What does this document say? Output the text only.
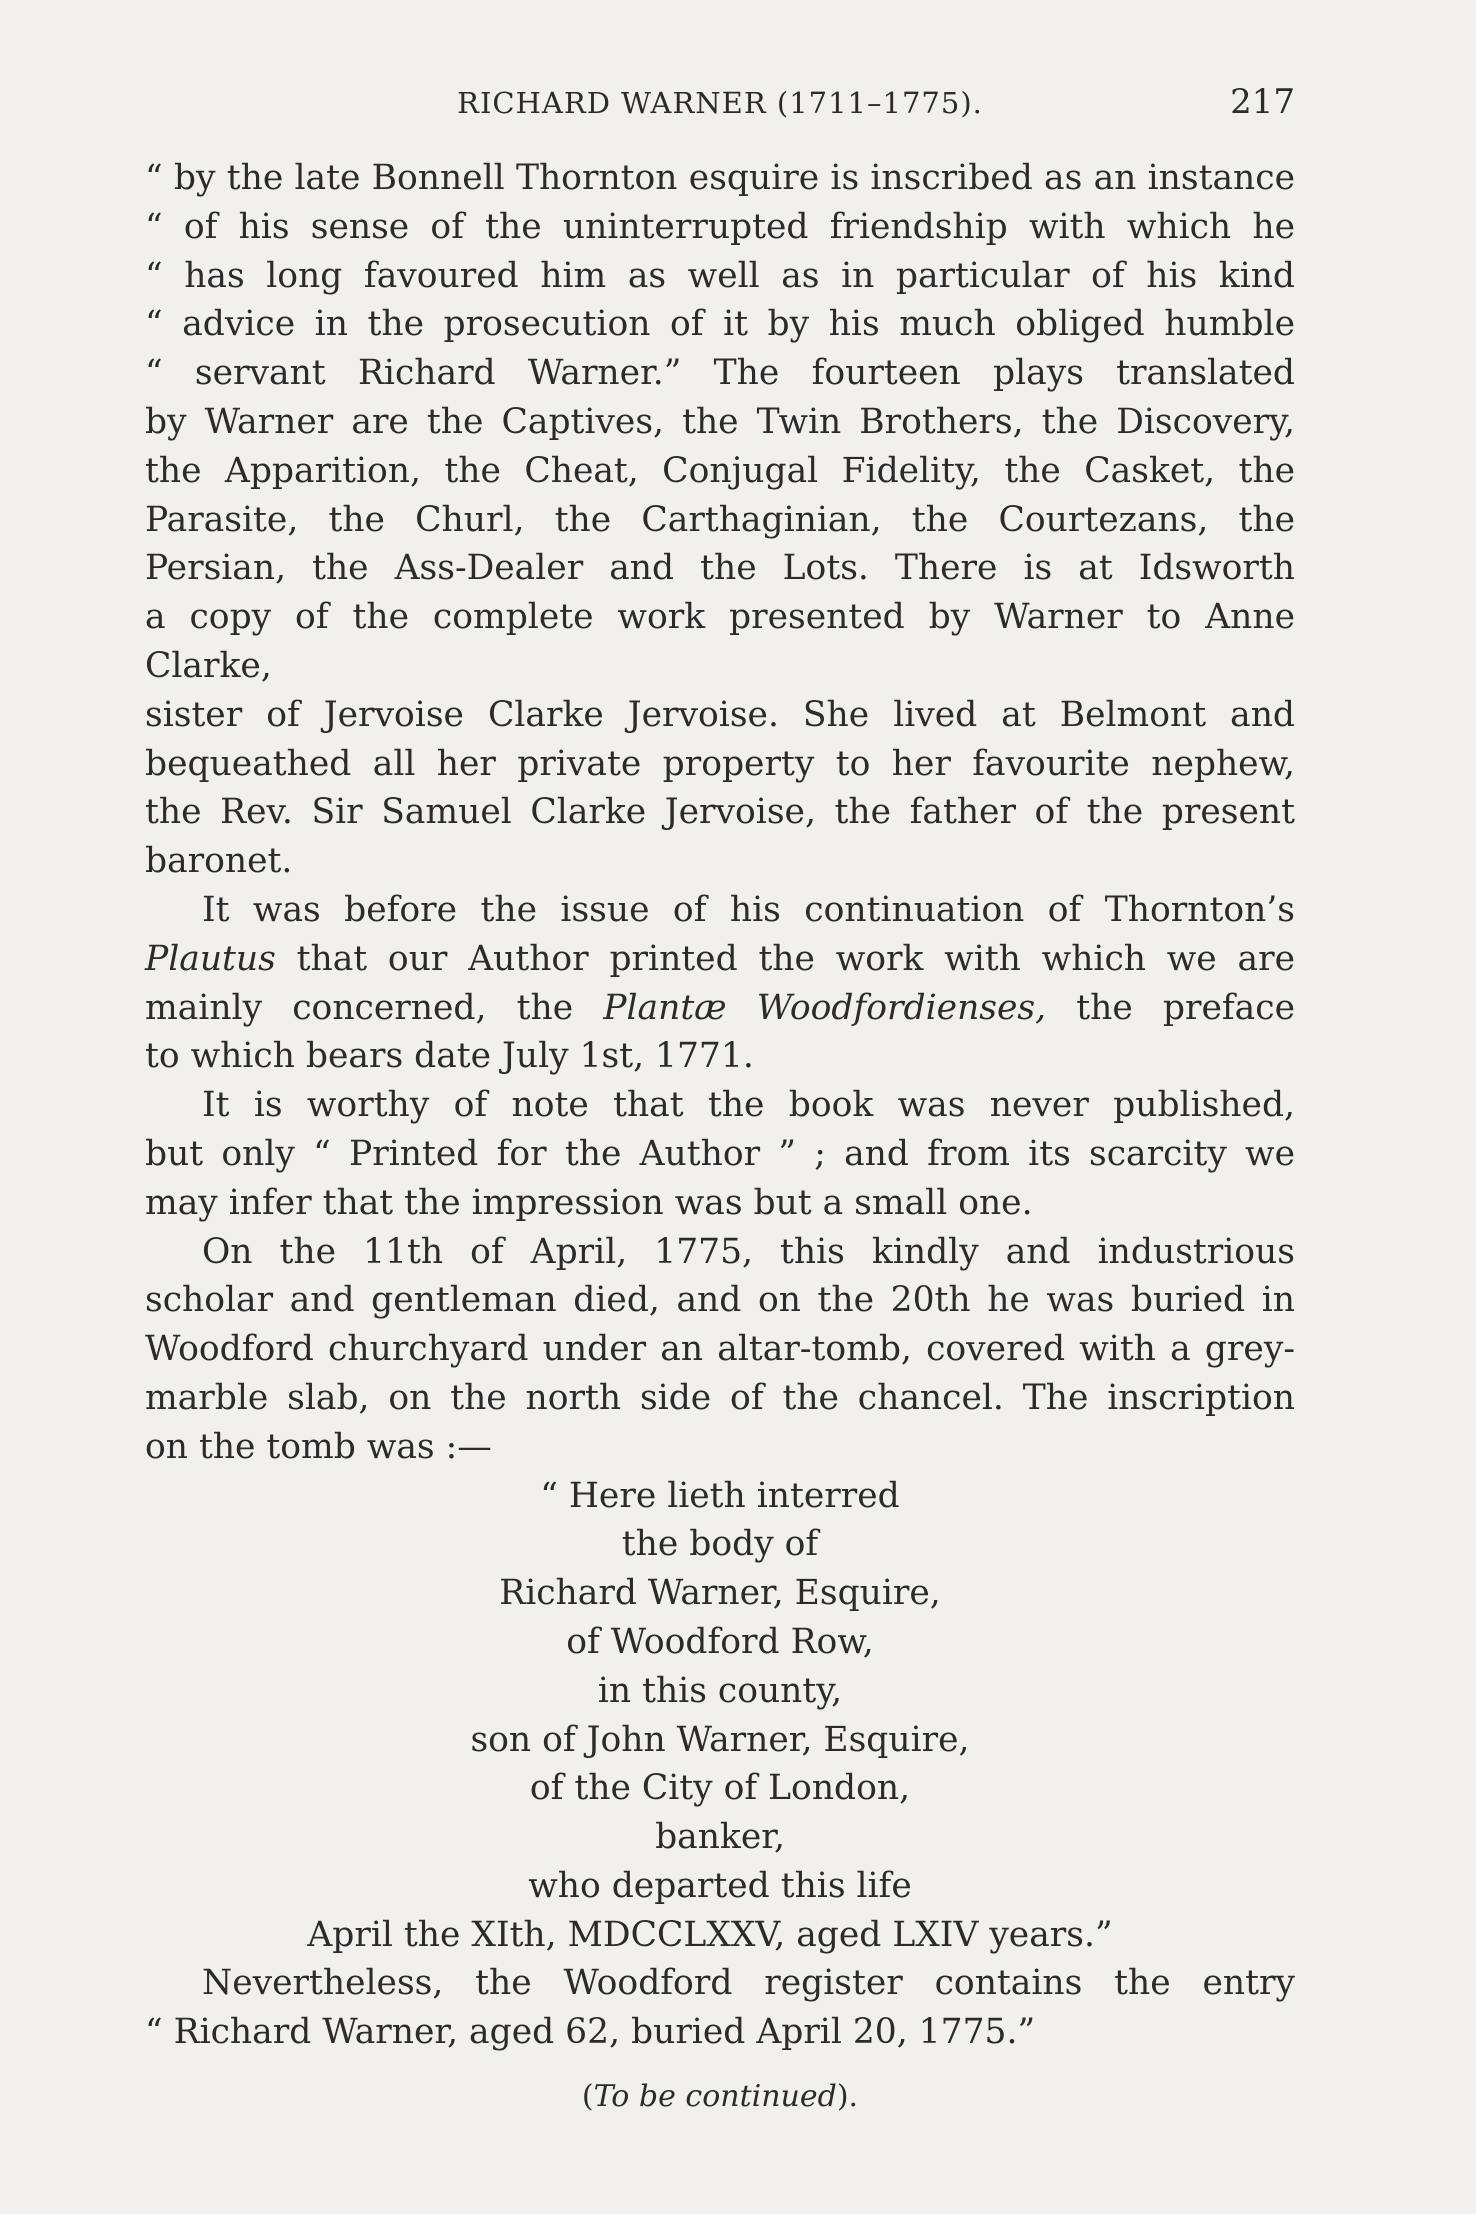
RICHARD WARNER (1711–1775).	217

“ by the late Bonnell Thornton esquire is inscribed as an instance
“ of his sense of the uninterrupted friendship with which he
“ has long favoured him as well as in particular of his kind
“ advice in the prosecution of it by his much obliged humble
“ servant Richard Warner.” The fourteen plays translated
by Warner are the Captives, the Twin Brothers, the Discovery,
the Apparition, the Cheat, Conjugal Fidelity, the Casket, the
Parasite, the Churl, the Carthaginian, the Courtezans, the
Persian, the Ass-Dealer and the Lots. There is at Idsworth
a copy of the complete work presented by Warner to Anne Clarke,
sister of Jervoise Clarke Jervoise. She lived at Belmont and
bequeathed all her private property to her favourite nephew,
the Rev. Sir Samuel Clarke Jervoise, the father of the present
baronet.

It was before the issue of his continuation of Thornton’s
Plautus that our Author printed the work with which we are
mainly concerned, the Plantæ Woodfordienses, the preface
to which bears date July 1st, 1771.

It is worthy of note that the book was never published,
but only “ Printed for the Author ” ; and from its scarcity we
may infer that the impression was but a small one.

On the 11th of April, 1775, this kindly and industrious
scholar and gentleman died, and on the 20th he was buried in
Woodford churchyard under an altar-tomb, covered with a grey-
marble slab, on the north side of the chancel. The inscription
on the tomb was :—

“ Here lieth interred
the body of
Richard Warner, Esquire,
of Woodford Row,
in this county,
son of John Warner, Esquire,
of the City of London,
banker,
who departed this life
April the XIth, MDCCLXXV, aged LXIV years.”

Nevertheless, the Woodford register contains the entry
“ Richard Warner, aged 62, buried April 20, 1775.”

(To be continued).
